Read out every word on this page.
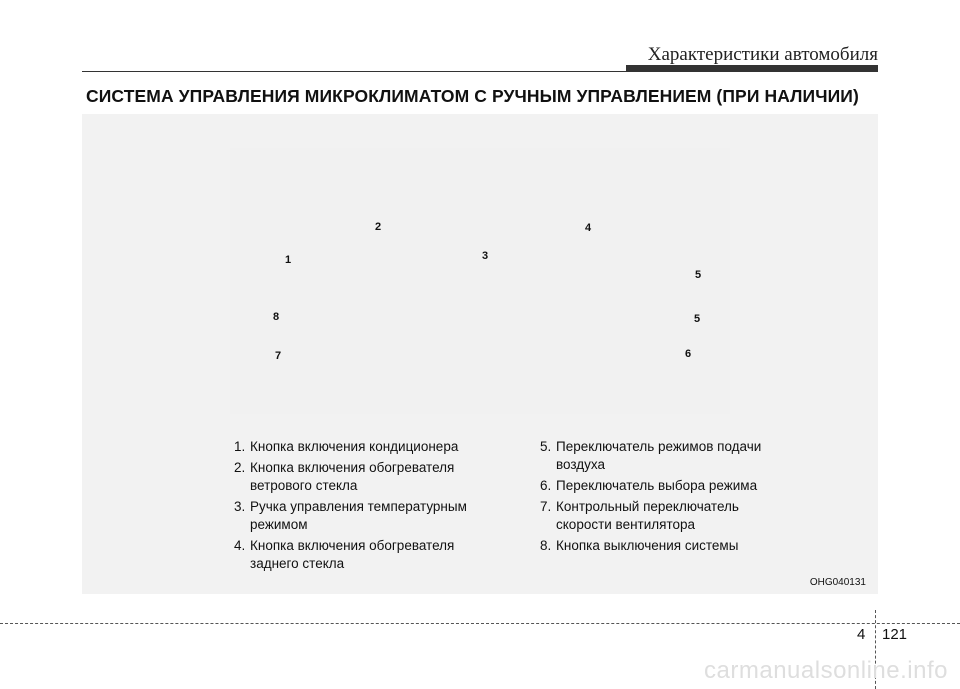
Характеристики автомобиля
СИСТЕМА УПРАВЛЕНИЯ МИКРОКЛИМАТОМ С РУЧНЫМ УПРАВЛЕНИЕМ (ПРИ НАЛИЧИИ)
1
2
3
4
5
5
6
7
8
1. Кнопка включения кондиционера
2. Кнопка включения обогревателя
ветрового стекла
3. Ручка управления температурным
режимом
4. Кнопка включения обогревателя
заднего стекла
5. Переключатель режимов подачи
воздуха
6. Переключатель выбора режима
7. Контрольный переключатель
скорости вентилятора
8. Кнопка выключения системы
OHG040131
4 121
carmanualsonline.info
